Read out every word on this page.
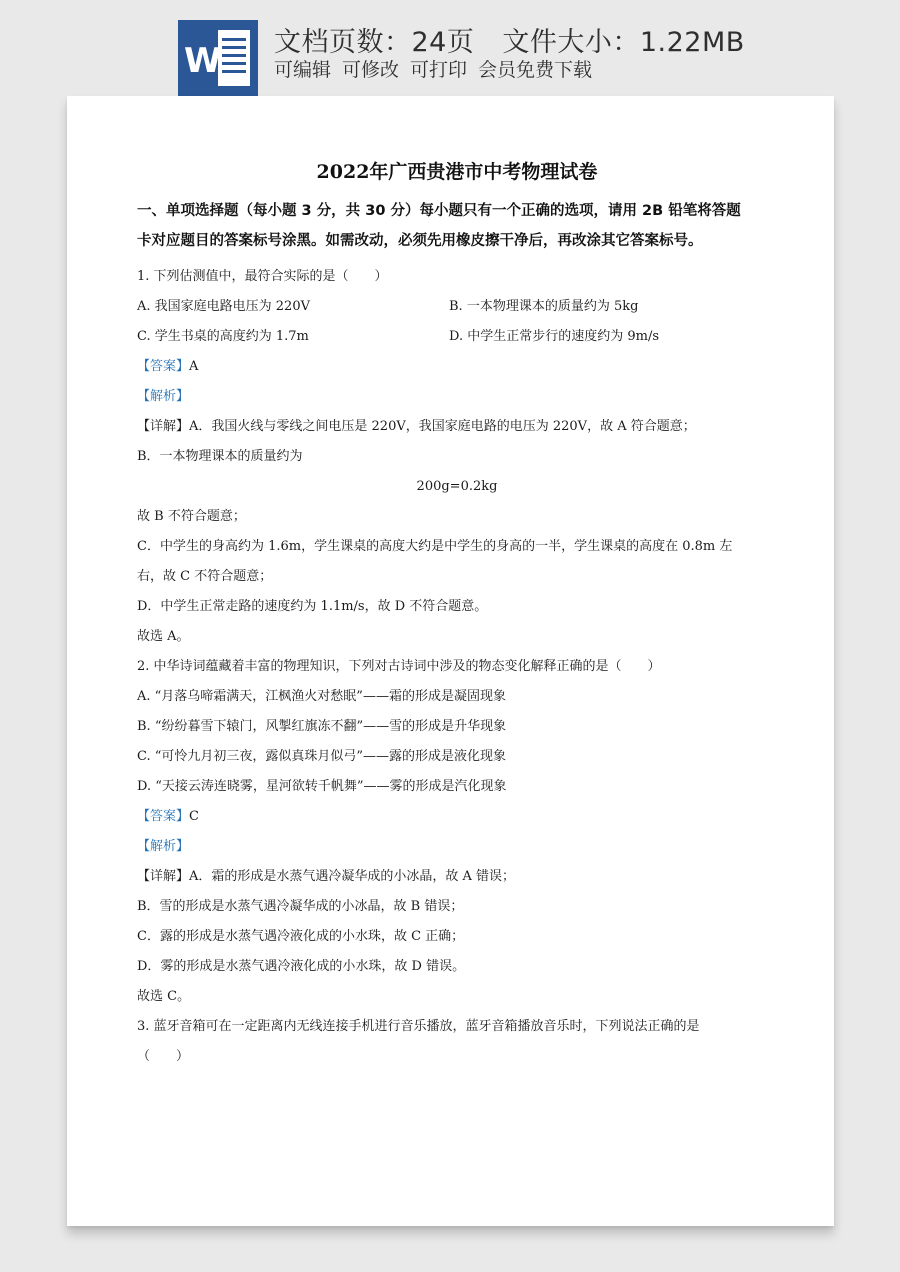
W 文档页数：24页 文件大小：1.22MB
可编辑 可修改 可打印 会员免费下载
2022年广西贵港市中考物理试卷
一、单项选择题（每小题 3 分，共 30 分）每小题只有一个正确的选项，请用 2B 铅笔将答题
卡对应题目的答案标号涂黑。如需改动，必须先用橡皮擦干净后，再改涂其它答案标号。
1. 下列估测值中，最符合实际的是（　　）
A. 我国家庭电路电压为 220V	B. 一本物理课本的质量约为 5kg
C. 学生书桌的高度约为 1.7m	D. 中学生正常步行的速度约为 9m/s
【答案】A
【解析】
【详解】A．我国火线与零线之间电压是 220V，我国家庭电路的电压为 220V，故 A 符合题意；
B．一本物理课本的质量约为
200g=0.2kg
故 B 不符合题意；
C．中学生的身高约为 1.6m，学生课桌的高度大约是中学生的身高的一半，学生课桌的高度在 0.8m 左
右，故 C 不符合题意；
D．中学生正常走路的速度约为 1.1m/s，故 D 不符合题意。
故选 A。
2. 中华诗词蕴藏着丰富的物理知识，下列对古诗词中涉及的物态变化解释正确的是（　　）
A. “月落乌啼霜满天，江枫渔火对愁眠”——霜的形成是凝固现象
B. “纷纷暮雪下辕门，风掣红旗冻不翻”——雪的形成是升华现象
C. “可怜九月初三夜，露似真珠月似弓”——露的形成是液化现象
D. “天接云涛连晓雾，星河欲转千帆舞”——雾的形成是汽化现象
【答案】C
【解析】
【详解】A．霜的形成是水蒸气遇冷凝华成的小冰晶，故 A 错误；
B．雪的形成是水蒸气遇冷凝华成的小冰晶，故 B 错误；
C．露的形成是水蒸气遇冷液化成的小水珠，故 C 正确；
D．雾的形成是水蒸气遇冷液化成的小水珠，故 D 错误。
故选 C。
3. 蓝牙音箱可在一定距离内无线连接手机进行音乐播放，蓝牙音箱播放音乐时，下列说法正确的是
（　　）
